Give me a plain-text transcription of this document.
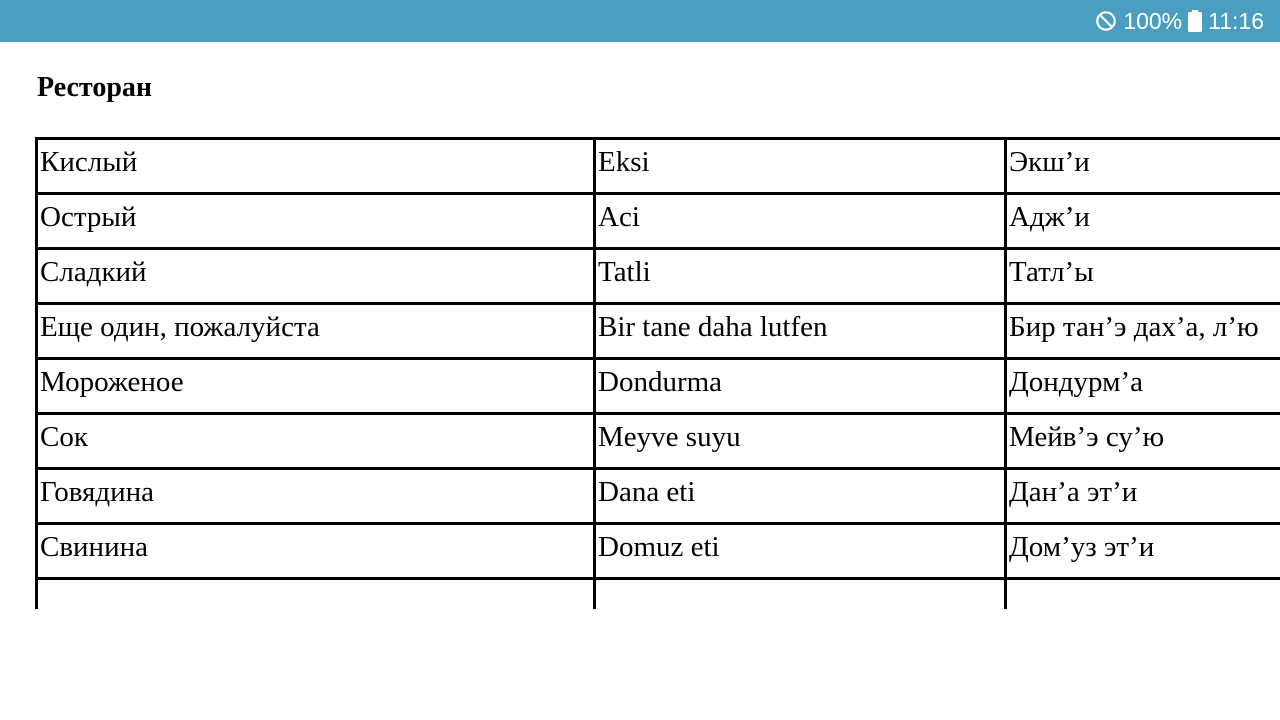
100% 11:16
Ресторан
Кислый	Eksi	Экш’и
Острый	Aci	Адж’и
Сладкий	Tatli	Татл’ы
Еще один, пожалуйста	Bir tane daha lutfen	Бир тан’э дах’а, л’ю
Мороженое	Dondurma	Дондурм’а
Сок	Meyve suyu	Мейв’э су’ю
Говядина	Dana eti	Дан’а эт’и
Свинина	Domuz eti	Дом’уз эт’и
